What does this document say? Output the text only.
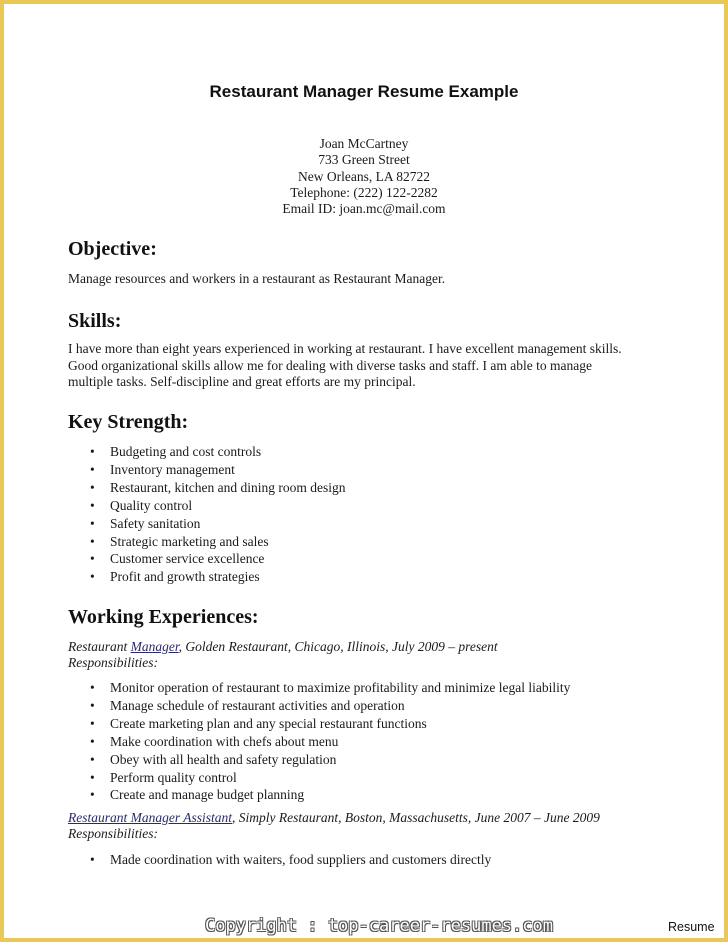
Restaurant Manager Resume Example
Joan McCartney
733 Green Street
New Orleans, LA 82722
Telephone: (222) 122-2282
Email ID: joan.mc@mail.com
Objective:
Manage resources and workers in a restaurant as Restaurant Manager.
Skills:
I have more than eight years experienced in working at restaurant. I have excellent management skills.
Good organizational skills allow me for dealing with diverse tasks and staff. I am able to manage
multiple tasks. Self-discipline and great efforts are my principal.
Key Strength:
• Budgeting and cost controls
• Inventory management
• Restaurant, kitchen and dining room design
• Quality control
• Safety sanitation
• Strategic marketing and sales
• Customer service excellence
• Profit and growth strategies
Working Experiences:
Restaurant Manager, Golden Restaurant, Chicago, Illinois, July 2009 – present
Responsibilities:
• Monitor operation of restaurant to maximize profitability and minimize legal liability
• Manage schedule of restaurant activities and operation
• Create marketing plan and any special restaurant functions
• Make coordination with chefs about menu
• Obey with all health and safety regulation
• Perform quality control
• Create and manage budget planning
Restaurant Manager Assistant, Simply Restaurant, Boston, Massachusetts, June 2007 – June 2009
Responsibilities:
• Made coordination with waiters, food suppliers and customers directly
Copyright : top-career-resumes.com	Resume
